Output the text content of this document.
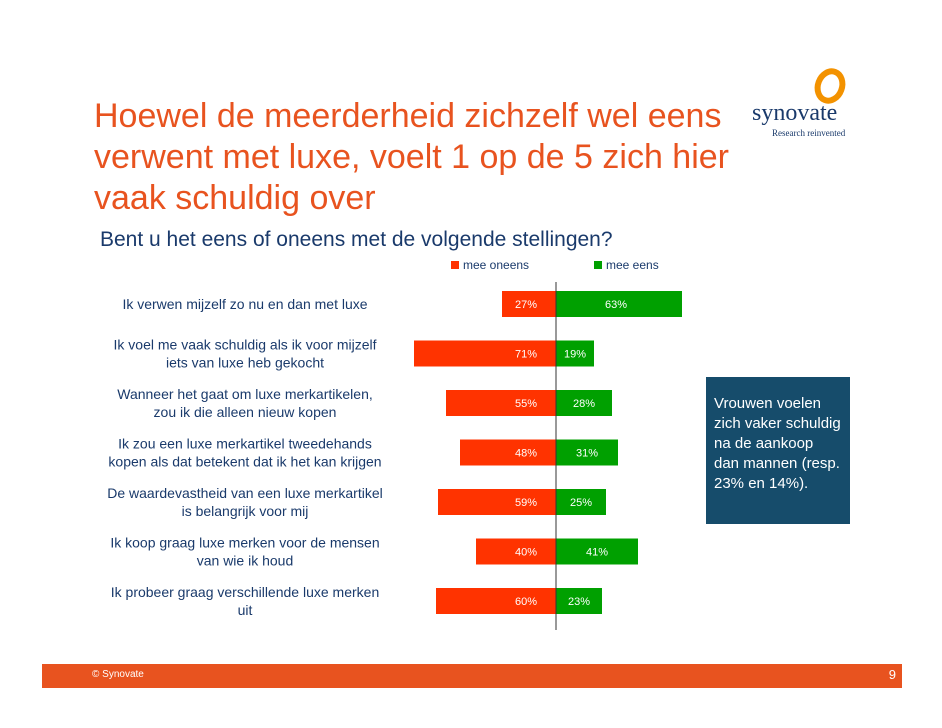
Hoewel de meerderheid zichzelf wel eens verwent met luxe, voelt 1 op de 5 zich hier vaak schuldig over
Bent u het eens of oneens met de volgende stellingen?
synovate
Research reinvented
mee oneens	mee eens
Ik verwen mijzelf zo nu en dan met luxe	27%	63%
Ik voel me vaak schuldig als ik voor mijzelf
iets van luxe heb gekocht	71% 19%
Wanneer het gaat om luxe merkartikelen,
zou ik die alleen nieuw kopen	55%	28%
Ik zou een luxe merkartikel tweedehands
kopen als dat betekent dat ik het kan krijgen	48%	31%
De waardevastheid van een luxe merkartikel
is belangrijk voor mij	59%	25%
Ik koop graag luxe merken voor de mensen
van wie ik houd	40%	41%
Ik probeer graag verschillende luxe merken
uit	60%	23%
Vrouwen voelen zich vaker schuldig na de aankoop dan mannen (resp. 23% en 14%).
© Synovate	9
